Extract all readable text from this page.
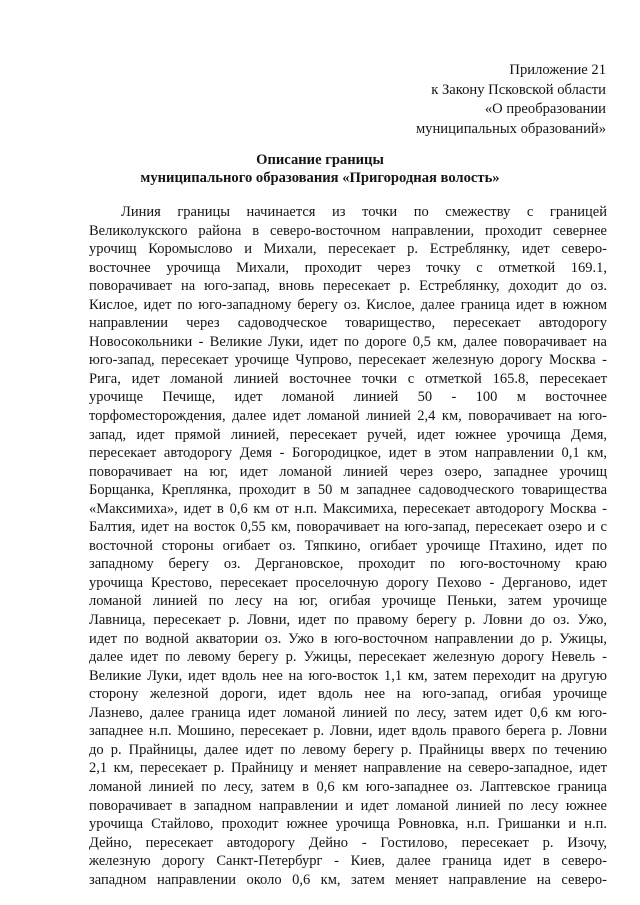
Приложение 21
к Закону Псковской области
«О преобразовании
муниципальных образований»
Описание границы
муниципального образования «Пригородная волость»
Линия границы начинается из точки по смежеству с границей
Великолукского района в северо-восточном направлении, проходит севернее
урочищ Коромыслово и Михали, пересекает р. Естреблянку, идет северо-
восточнее урочища Михали, проходит через точку с отметкой 169.1,
поворачивает на юго-запад, вновь пересекает р. Естреблянку, доходит до оз.
Кислое, идет по юго-западному берегу оз. Кислое, далее граница идет в южном
направлении через садоводческое товарищество, пересекает автодорогу
Новосокольники - Великие Луки, идет по дороге 0,5 км, далее поворачивает на
юго-запад, пересекает урочище Чупрово, пересекает железную дорогу Москва -
Рига, идет ломаной линией восточнее точки с отметкой 165.8, пересекает
урочище Печище, идет ломаной линией 50 - 100 м восточнее
торфоместорождения, далее идет ломаной линией 2,4 км, поворачивает на юго-
запад, идет прямой линией, пересекает ручей, идет южнее урочища Демя,
пересекает автодорогу Демя - Богородицкое, идет в этом направлении 0,1 км,
поворачивает на юг, идет ломаной линией через озеро, западнее урочищ
Борщанка, Креплянка, проходит в 50 м западнее садоводческого товарищества
«Максимиха», идет в 0,6 км от н.п. Максимиха, пересекает автодорогу Москва -
Балтия, идет на восток 0,55 км, поворачивает на юго-запад, пересекает озеро и с
восточной стороны огибает оз. Тяпкино, огибает урочище Птахино, идет по
западному берегу оз. Дергановское, проходит по юго-восточному краю
урочища Крестово, пересекает проселочную дорогу Пехово - Дерганово, идет
ломаной линией по лесу на юг, огибая урочище Пеньки, затем урочище
Лавница, пересекает р. Ловни, идет по правому берегу р. Ловни до оз. Ужо,
идет по водной акватории оз. Ужо в юго-восточном направлении до р. Ужицы,
далее идет по левому берегу р. Ужицы, пересекает железную дорогу Невель -
Великие Луки, идет вдоль нее на юго-восток 1,1 км, затем переходит на другую
сторону железной дороги, идет вдоль нее на юго-запад, огибая урочище
Лазнево, далее граница идет ломаной линией по лесу, затем идет 0,6 км юго-
западнее н.п. Мошино, пересекает р. Ловни, идет вдоль правого берега р. Ловни
до р. Прайницы, далее идет по левому берегу р. Прайницы вверх по течению
2,1 км, пересекает р. Прайницу и меняет направление на северо-западное, идет
ломаной линией по лесу, затем в 0,6 км юго-западнее оз. Лаптевское граница
поворачивает в западном направлении и идет ломаной линией по лесу южнее
урочища Стайлово, проходит южнее урочища Ровновка, н.п. Гришанки и н.п.
Дейно, пересекает автодорогу Дейно - Гостилово, пересекает р. Изочу,
железную дорогу Санкт-Петербург - Киев, далее граница идет в северо-
западном направлении около 0,6 км, затем меняет направление на северо-
